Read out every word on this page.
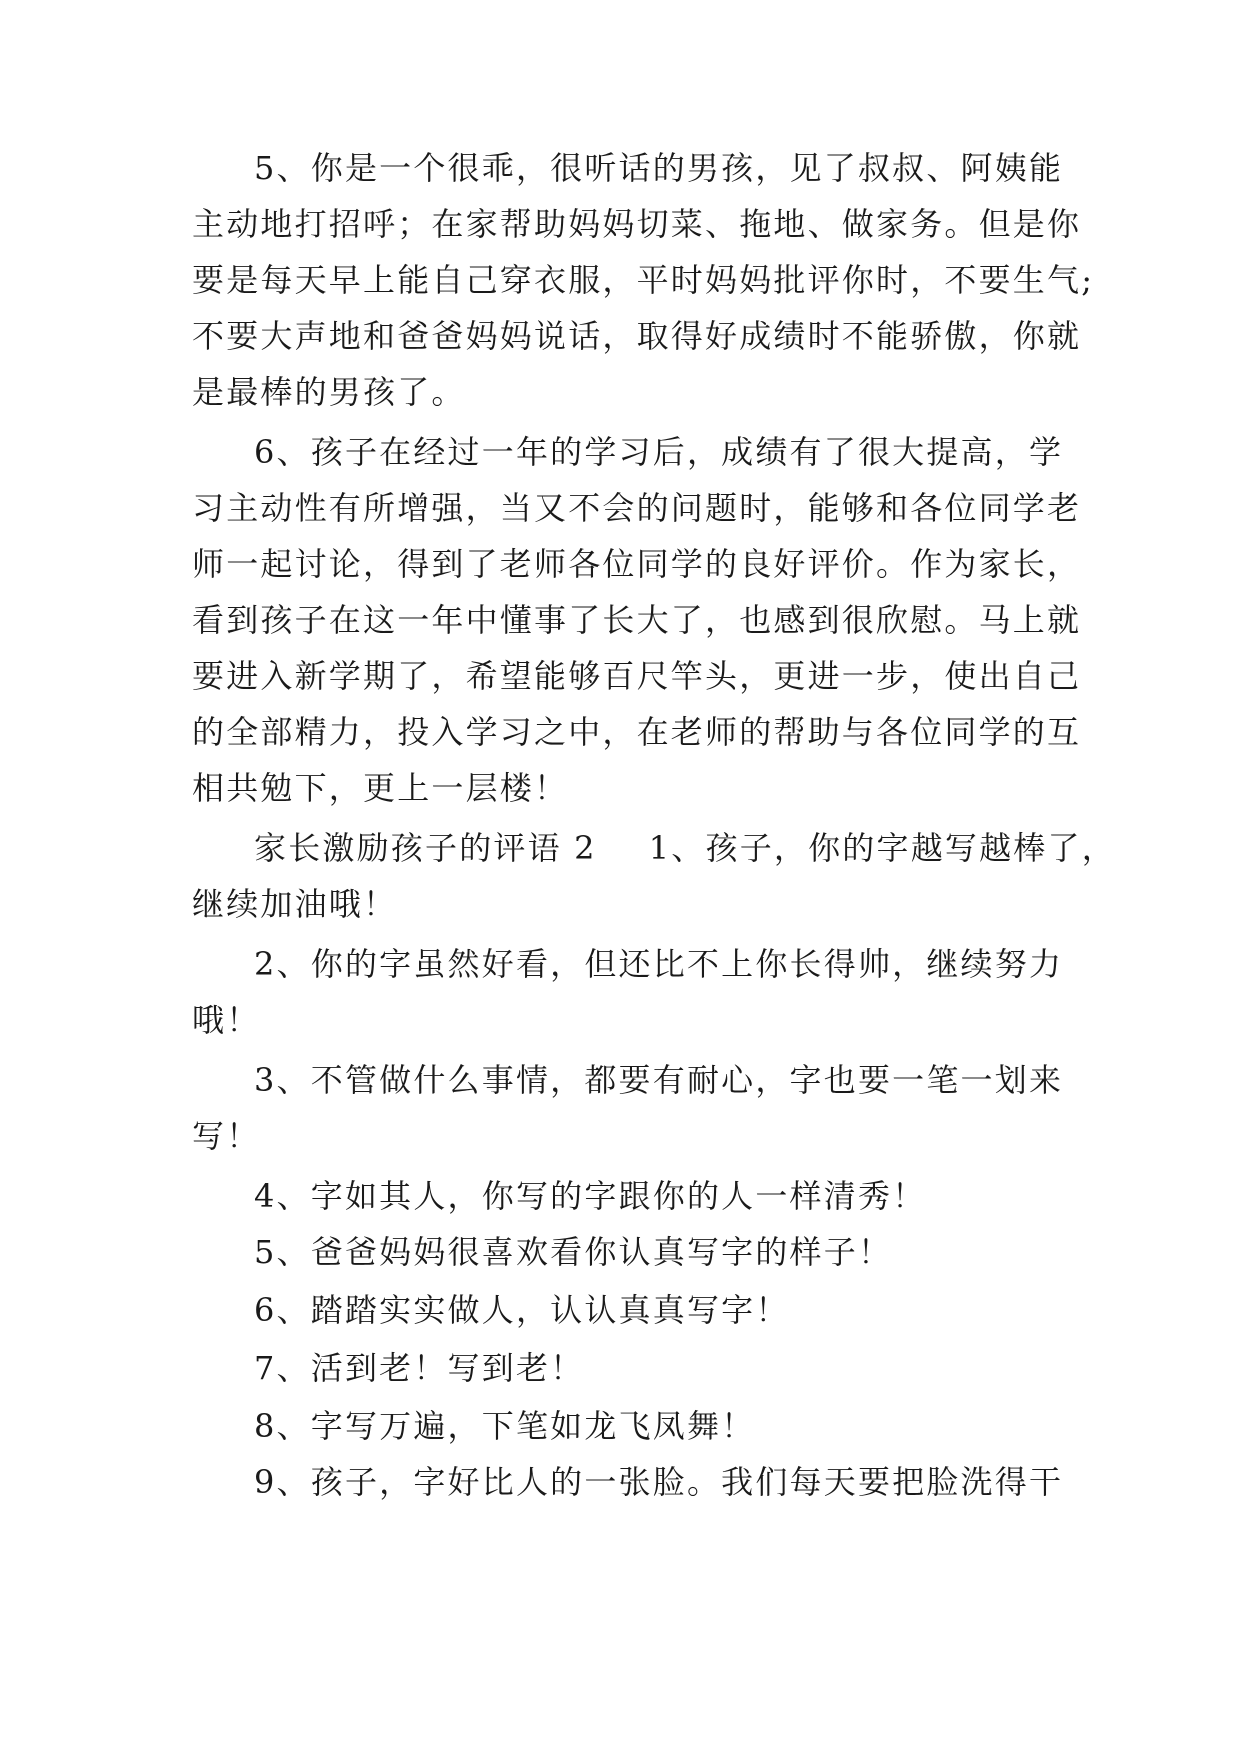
5、你是一个很乖，很听话的男孩，见了叔叔、阿姨能
主动地打招呼；在家帮助妈妈切菜、拖地、做家务。但是你
要是每天早上能自己穿衣服，平时妈妈批评你时，不要生气;
不要大声地和爸爸妈妈说话，取得好成绩时不能骄傲，你就
是最棒的男孩了。
6、孩子在经过一年的学习后，成绩有了很大提高，学
习主动性有所增强，当又不会的问题时，能够和各位同学老
师一起讨论，得到了老师各位同学的良好评价。作为家长，
看到孩子在这一年中懂事了长大了，也感到很欣慰。马上就
要进入新学期了，希望能够百尺竿头，更进一步，使出自己
的全部精力，投入学习之中，在老师的帮助与各位同学的互
相共勉下，更上一层楼！
家长激励孩子的评语 2 1、孩子，你的字越写越棒了，
继续加油哦！
2、你的字虽然好看，但还比不上你长得帅，继续努力
哦！
3、不管做什么事情，都要有耐心，字也要一笔一划来
写！
4、字如其人，你写的字跟你的人一样清秀！
5、爸爸妈妈很喜欢看你认真写字的样子！
6、踏踏实实做人，认认真真写字！
7、活到老！写到老！
8、字写万遍，下笔如龙飞凤舞！
9、孩子，字好比人的一张脸。我们每天要把脸洗得干
